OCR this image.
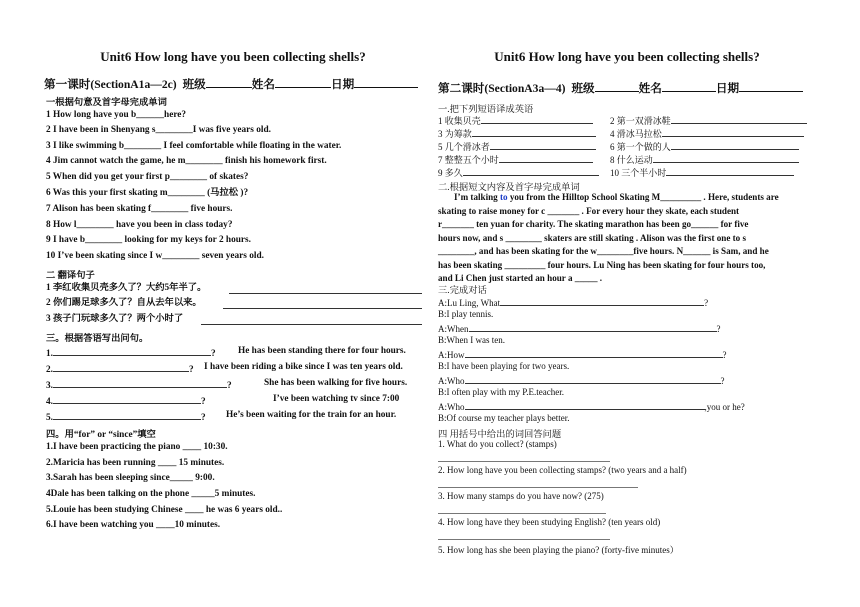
Unit6 How long have you been collecting shells?
第一课时(SectionA1a—2c) 班级	姓名	日期
一根据句意及首字母完成单词
1 How long have you b______here?
2 I have been in Shenyang s________I was five years old.
3 I like swimming b________ I feel comfortable while floating in the water.
4 Jim cannot watch the game, he m________ finish his homework first.
5 When did you get your first p________ of skates?
6 Was this your first skating m________ (马拉松 )?
7 Alison has been skating f________ five hours.
8 How l________ have you been in class today?
9 I have b________ looking for my keys for 2 hours.
10 I’ve been skating since I w________ seven years old.
二 翻译句子
1 李红收集贝壳多久了？大约5年半了。
2 你们踢足球多久了？自从去年以来。
3 孩子门玩球多久了？两个小时了
三。根据答语写出问句。
1.	? He has been standing there for four hours.
2.	? I have been riding a bike since I was ten years old.
3.	?	She has been walking for five hours.
4.	?	I’ve been watching tv since 7:00
5.	? He’s been waiting for the train for an hour.
四。用“for” or “since”填空
1.I have been practicing the piano ____ 10:30.
2.Maricia has been running ____ 15 minutes.
3.Sarah has been sleeping since_____ 9:00.
4Dale has been talking on the phone _____5 minutes.
5.Louie has been studying Chinese ____ he was 6 years old..
6.I have been watching you ____10 minutes.
Unit6 How long have you been collecting shells?
第二课时(SectionA3a—4) 班级	姓名	日期
一.把下列短语译成英语
1 收集贝壳	2 第一双滑冰鞋
3 为筹款	4 滑冰马拉松
5 几个滑冰者	6 第一个做的人
7 整整五个小时	8 什么运动
9 多久	10 三个半小时
二.根据短文内容及首字母完成单词
I’m talking to you from the Hilltop School Skating M_________ . Here, students are
skating to raise money for c _______ . For every hour they skate, each student
r_______ ten yuan for charity. The skating marathon has been go______ for five
hours now, and s ________ skaters are still skating . Alison was the first one to s
________, and has been skating for the w________five hours. N______ is Sam, and he
has been skating _________ four hours. Lu Ning has been skating for four hours too,
and Li Chen just started an hour a _____ .
三.完成对话
A:Lu Ling, What	?
B:I play tennis.
A:When	?
B:When I was ten.
A:How	?
B:I have been playing for two years.
A:Who	?
B:I often play with my P.E.teacher.
A:Who	,you or he?
B:Of course my teacher plays better.
四 用括号中给出的词回答问题
1. What do you collect? (stamps)
2. How long have you been collecting stamps? (two years and a half)
3. How many stamps do you have now? (275)
4. How long have they been studying English? (ten years old)
5. How long has she been playing the piano? (forty-five minutes）
